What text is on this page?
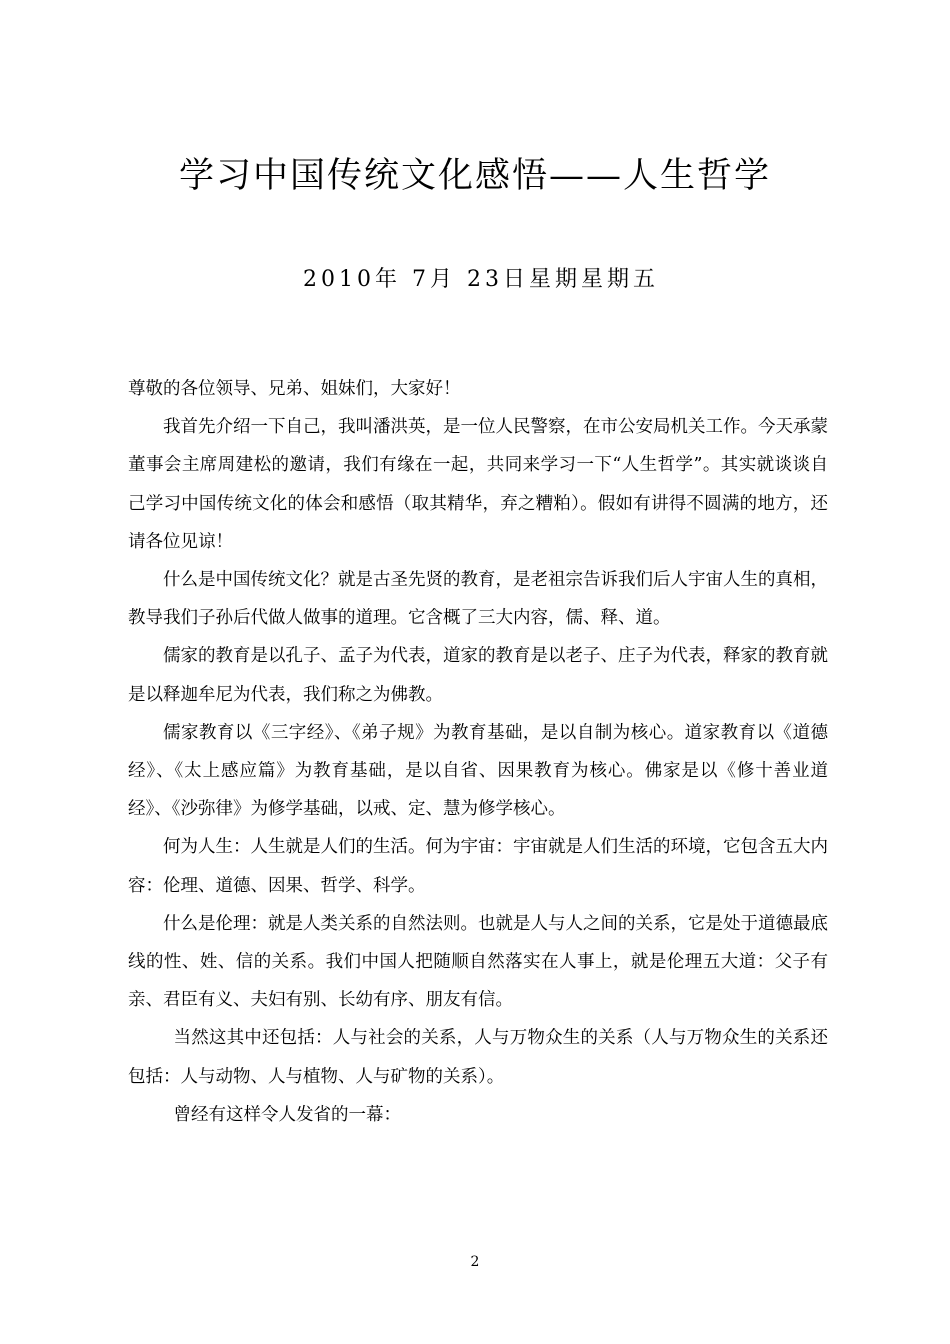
学习中国传统文化感悟——人生哲学
2010年 7月 23日星期星期五

尊敬的各位领导、兄弟、姐妹们，大家好！

我首先介绍一下自己，我叫潘洪英，是一位人民警察，在市公安局机关工作。今天承蒙董事会主席周建松的邀请，我们有缘在一起，共同来学习一下“人生哲学”。其实就谈谈自己学习中国传统文化的体会和感悟（取其精华，弃之糟粕）。假如有讲得不圆满的地方，还请各位见谅！

什么是中国传统文化？就是古圣先贤的教育，是老祖宗告诉我们后人宇宙人生的真相，教导我们子孙后代做人做事的道理。它含概了三大内容，儒、释、道。

儒家的教育是以孔子、孟子为代表，道家的教育是以老子、庄子为代表，释家的教育就是以释迦牟尼为代表，我们称之为佛教。

儒家教育以《三字经》、《弟子规》为教育基础，是以自制为核心。道家教育以《道德经》、《太上感应篇》为教育基础，是以自省、因果教育为核心。佛家是以《修十善业道经》、《沙弥律》为修学基础，以戒、定、慧为修学核心。

何为人生：人生就是人们的生活。何为宇宙：宇宙就是人们生活的环境，它包含五大内容：伦理、道德、因果、哲学、科学。

什么是伦理：就是人类关系的自然法则。也就是人与人之间的关系，它是处于道德最底线的性、姓、信的关系。我们中国人把随顺自然落实在人事上，就是伦理五大道：父子有亲、君臣有义、夫妇有别、长幼有序、朋友有信。

当然这其中还包括：人与社会的关系，人与万物众生的关系（人与万物众生的关系还包括：人与动物、人与植物、人与矿物的关系）。

曾经有这样令人发省的一幕：

2
